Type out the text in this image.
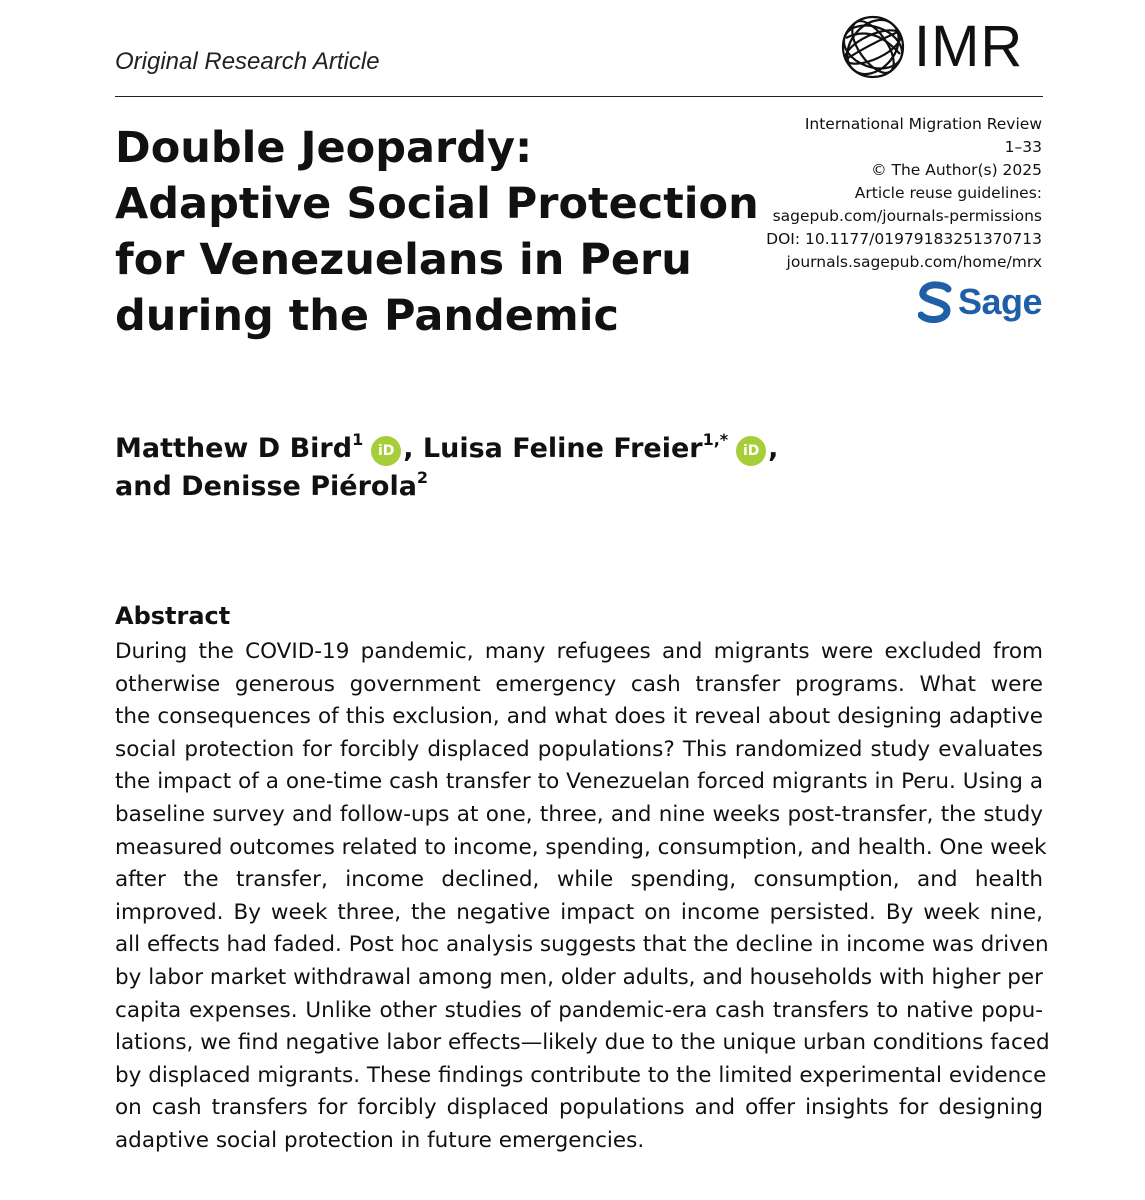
Original Research Article	IMR
Double Jeopardy:
Adaptive Social Protection
for Venezuelans in Peru
during the Pandemic
International Migration Review
1–33
© The Author(s) 2025
Article reuse guidelines:
sagepub.com/journals-permissions
DOI: 10.1177/01979183251370713
journals.sagepub.com/home/mrx
Sage
Matthew D Bird$^1$iD , Luisa Feline Freier$^{1,*}$iD ,
and Denisse Piérola$^2$
Abstract

During the COVID-19 pandemic, many refugees and migrants were excluded from
otherwise generous government emergency cash transfer programs. What were
the consequences of this exclusion, and what does it reveal about designing adaptive
social protection for forcibly displaced populations? This randomized study evaluates
the impact of a one-time cash transfer to Venezuelan forced migrants in Peru. Using a
baseline survey and follow-ups at one, three, and nine weeks post-transfer, the study
measured outcomes related to income, spending, consumption, and health. One week
after the transfer, income declined, while spending, consumption, and health
improved. By week three, the negative impact on income persisted. By week nine,
all effects had faded. Post hoc analysis suggests that the decline in income was driven
by labor market withdrawal among men, older adults, and households with higher per
capita expenses. Unlike other studies of pandemic-era cash transfers to native popu-
lations, we find negative labor effects—likely due to the unique urban conditions faced
by displaced migrants. These findings contribute to the limited experimental evidence
on cash transfers for forcibly displaced populations and offer insights for designing
adaptive social protection in future emergencies.
